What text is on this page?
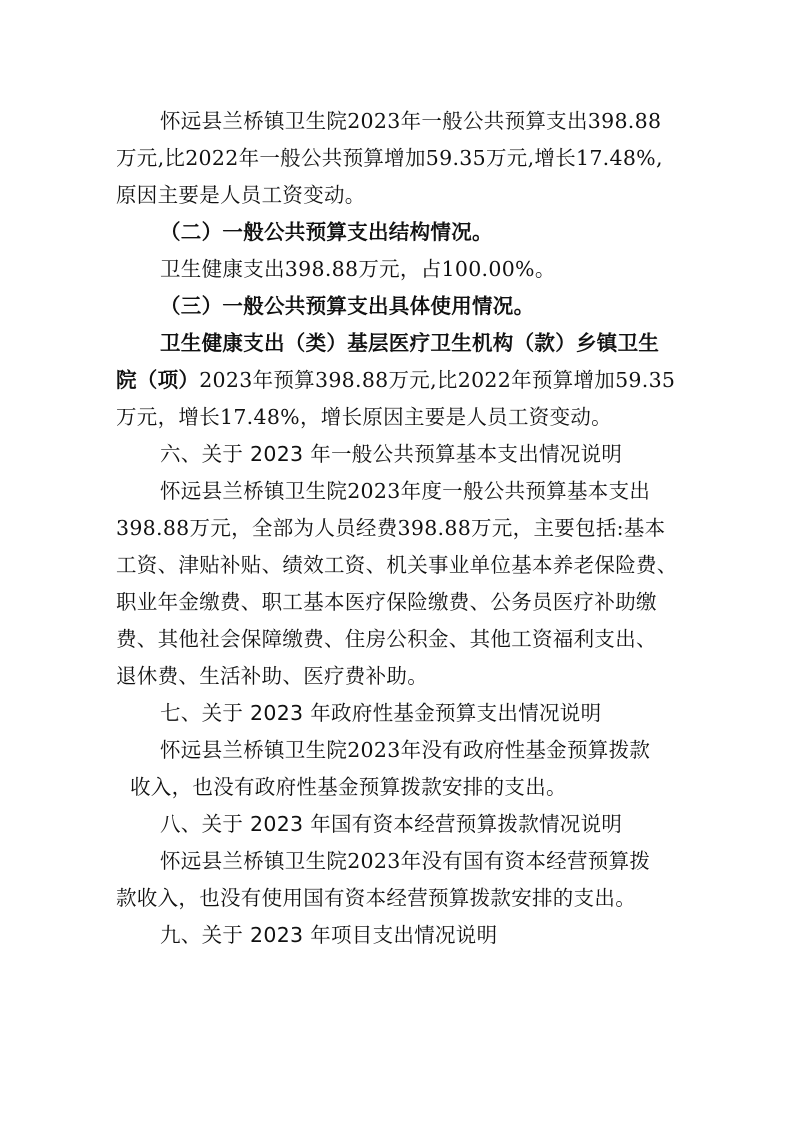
怀远县兰桥镇卫生院2023年一般公共预算支出398.88
万元,比2022年一般公共预算增加59.35万元,增长17.48%,
原因主要是人员工资变动。
（二）一般公共预算支出结构情况。
卫生健康支出398.88万元，占100.00%。
（三）一般公共预算支出具体使用情况。
卫生健康支出（类）基层医疗卫生机构（款）乡镇卫生
院（项）2023年预算398.88万元,比2022年预算增加59.35
万元，增长17.48%，增长原因主要是人员工资变动。
六、关于 2023 年一般公共预算基本支出情况说明
怀远县兰桥镇卫生院2023年度一般公共预算基本支出
398.88万元，全部为人员经费398.88万元，主要包括:基本
工资、津贴补贴、绩效工资、机关事业单位基本养老保险费、
职业年金缴费、职工基本医疗保险缴费、公务员医疗补助缴
费、其他社会保障缴费、住房公积金、其他工资福利支出、
退休费、生活补助、医疗费补助。
七、关于 2023 年政府性基金预算支出情况说明
怀远县兰桥镇卫生院2023年没有政府性基金预算拨款
收入，也没有政府性基金预算拨款安排的支出。
八、关于 2023 年国有资本经营预算拨款情况说明
怀远县兰桥镇卫生院2023年没有国有资本经营预算拨
款收入，也没有使用国有资本经营预算拨款安排的支出。
九、关于 2023 年项目支出情况说明
